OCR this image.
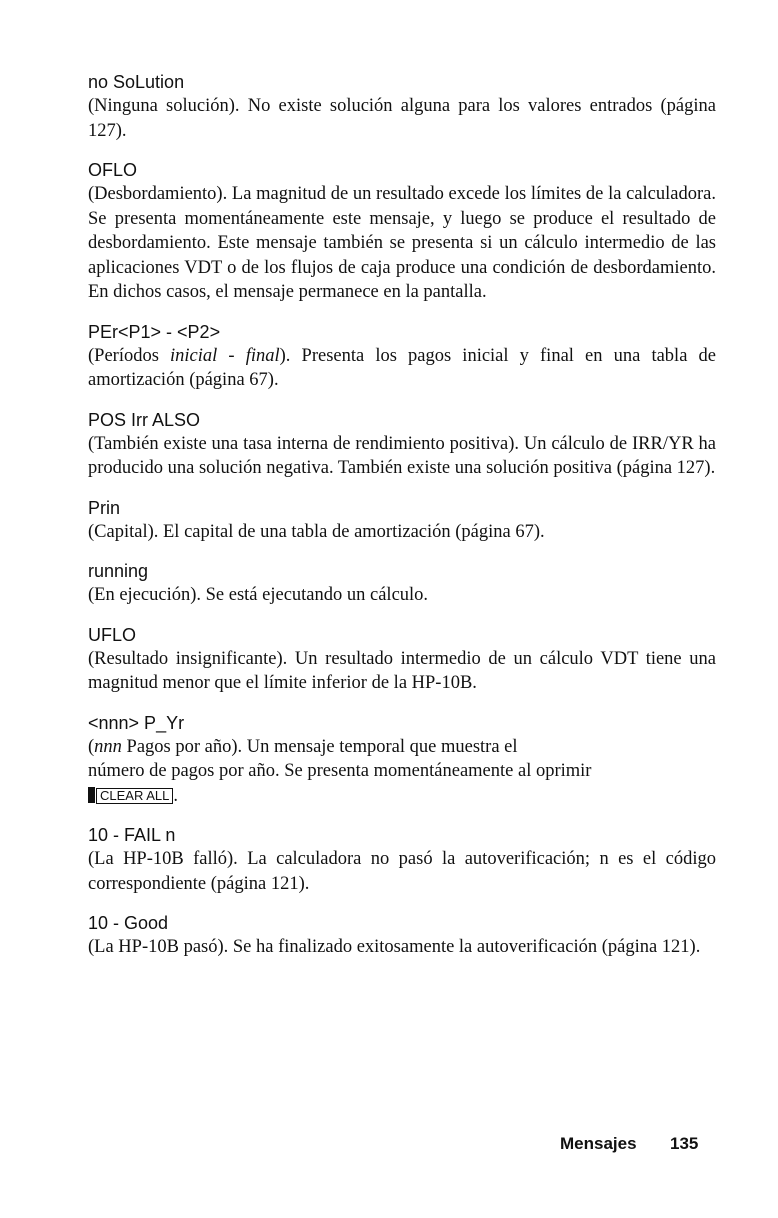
no SoLution

(Ninguna solución). No existe solución alguna para los valores entrados (página 127).

OFLO

(Desbordamiento). La magnitud de un resultado excede los límites de la calculadora. Se presenta momentáneamente este mensaje, y luego se produce el resultado de desbordamiento. Este mensaje también se presenta si un cálculo intermedio de las aplicaciones VDT o de los flujos de caja produce una condición de desbordamiento. En dichos casos, el mensaje permanece en la pantalla.

PEr<P1> - <P2>

(Períodos inicial - final). Presenta los pagos inicial y final en una tabla de amortización (página 67).

POS Irr ALSO

(También existe una tasa interna de rendimiento positiva). Un cálculo de IRR/YR ha producido una solución negativa. También existe una solución positiva (página 127).

Prin

(Capital). El capital de una tabla de amortización (página 67).

running

(En ejecución). Se está ejecutando un cálculo.

UFLO

(Resultado insignificante). Un resultado intermedio de un cálculo VDT tiene una magnitud menor que el límite inferior de la HP-10B.

<nnn> P_Yr

(nnn Pagos por año). Un mensaje temporal que muestra el
número de pagos por año. Se presenta momentáneamente al oprimir
CLEAR ALL .

10 - FAIL n

(La HP-10B falló). La calculadora no pasó la autoverificación; n es el código correspondiente (página 121).

10 - Good

(La HP-10B pasó). Se ha finalizado exitosamente la autoverificación (página 121).

Mensajes 135
